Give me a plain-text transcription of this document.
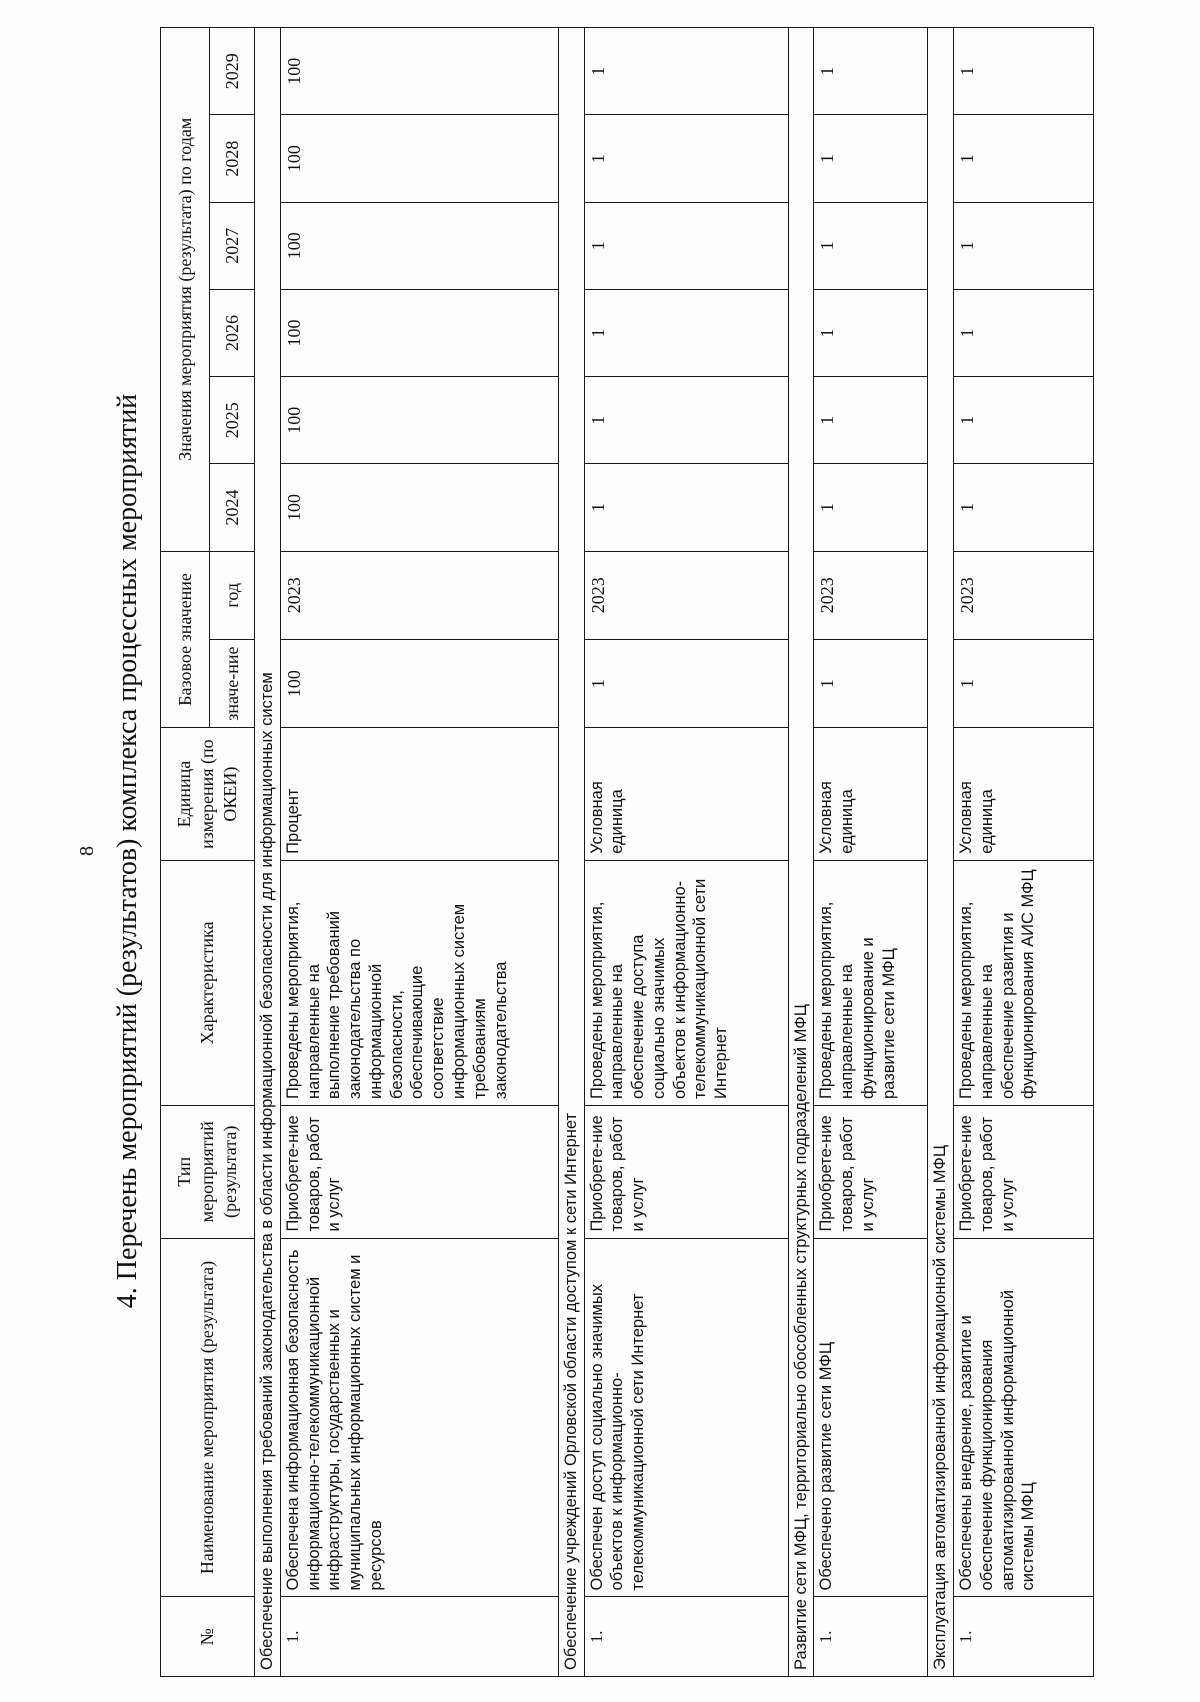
8 4. Перечень мероприятий (результатов) комплекса процессных мероприятий
№	Наименование мероприятия (результата)	Тип мероприятий (результата)	Характеристика	Единица измерения (по ОКЕИ)	Базовое значение		Значения мероприятия (результата) по годам					
					значе-ние	год	2024	2025	2026	2027	2028	2029
Обеспечение выполнения требований законодательства в области информационной безопасности для информационных систем												
1.	Обеспечена информационная безопасность информационно-телекоммуникационной инфраструктуры, государственных и муниципальных информационных систем и ресурсов	Приобрете-ние товаров, работ и услуг	Проведены мероприятия, направленные на выполнение требований законодательства по информационной безопасности, обеспечивающие соответствие информационных систем требованиям законодательства	Процент	100	2023	100	100	100	100	100	100
Обеспечение учреждений Орловской области доступом к сети Интернет												
1.	Обеспечен доступ социально значимых объектов к информационно-телекоммуникационной сети Интернет	Приобрете-ние товаров, работ и услуг	Проведены мероприятия, направленные на обеспечение доступа социально значимых объектов к информационно-телекоммуникационной сети Интернет	Условная единица	1	2023	1	1	1	1	1	1
Развитие сети МФЦ, территориально обособленных структурных подразделений МФЦ												
1.	Обеспечено развитие сети МФЦ	Приобрете-ние товаров, работ и услуг	Проведены мероприятия, направленные на функционирование и развитие сети МФЦ	Условная единица	1	2023	1	1	1	1	1	1
Эксплуатация автоматизированной информационной системы МФЦ												
1.	Обеспечены внедрение, развитие и обеспечение функционирования автоматизированной информационной системы МФЦ	Приобрете-ние товаров, работ и услуг	Проведены мероприятия, направленные на обеспечение развития и функционирования АИС МФЦ	Условная единица	1	2023	1	1	1	1	1	1
